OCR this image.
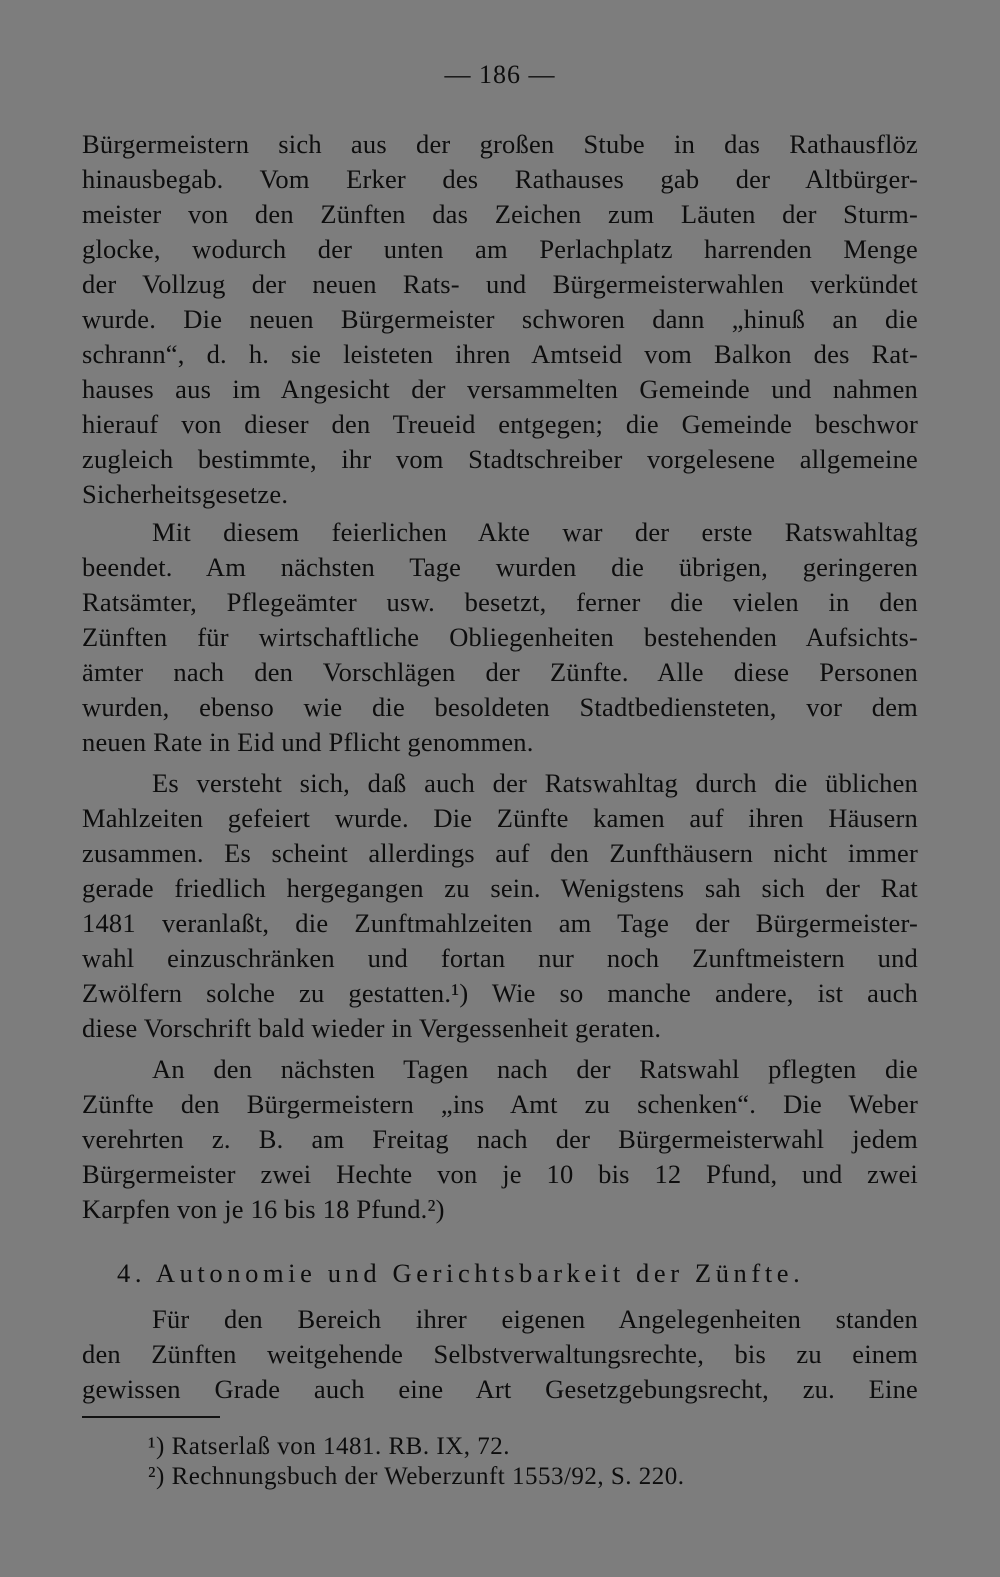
— 186 —

Bürgermeistern sich aus der großen Stube in das Rathausflöz

hinausbegab. Vom Erker des Rathauses gab der Altbürger-

meister von den Zünften das Zeichen zum Läuten der Sturm-

glocke, wodurch der unten am Perlachplatz harrenden Menge

der Vollzug der neuen Rats- und Bürgermeisterwahlen verkündet

wurde. Die neuen Bürgermeister schworen dann „hinuß an die

schrann“, d. h. sie leisteten ihren Amtseid vom Balkon des Rat-

hauses aus im Angesicht der versammelten Gemeinde und nahmen

hierauf von dieser den Treueid entgegen; die Gemeinde beschwor

zugleich bestimmte, ihr vom Stadtschreiber vorgelesene allgemeine

Sicherheitsgesetze.

Mit diesem feierlichen Akte war der erste Ratswahltag

beendet. Am nächsten Tage wurden die übrigen, geringeren

Ratsämter, Pflegeämter usw. besetzt, ferner die vielen in den

Zünften für wirtschaftliche Obliegenheiten bestehenden Aufsichts-

ämter nach den Vorschlägen der Zünfte. Alle diese Personen

wurden, ebenso wie die besoldeten Stadtbediensteten, vor dem

neuen Rate in Eid und Pflicht genommen.

Es versteht sich, daß auch der Ratswahltag durch die üblichen

Mahlzeiten gefeiert wurde. Die Zünfte kamen auf ihren Häusern

zusammen. Es scheint allerdings auf den Zunfthäusern nicht immer

gerade friedlich hergegangen zu sein. Wenigstens sah sich der Rat

1481 veranlaßt, die Zunftmahlzeiten am Tage der Bürgermeister-

wahl einzuschränken und fortan nur noch Zunftmeistern und

Zwölfern solche zu gestatten.¹) Wie so manche andere, ist auch

diese Vorschrift bald wieder in Vergessenheit geraten.

An den nächsten Tagen nach der Ratswahl pflegten die

Zünfte den Bürgermeistern „ins Amt zu schenken“. Die Weber

verehrten z. B. am Freitag nach der Bürgermeisterwahl jedem

Bürgermeister zwei Hechte von je 10 bis 12 Pfund, und zwei

Karpfen von je 16 bis 18 Pfund.²)

4. Autonomie und Gerichtsbarkeit der Zünfte.

Für den Bereich ihrer eigenen Angelegenheiten standen

den Zünften weitgehende Selbstverwaltungsrechte, bis zu einem

gewissen Grade auch eine Art Gesetzgebungsrecht, zu. Eine

¹) Ratserlaß von 1481. RB. IX, 72.

²) Rechnungsbuch der Weberzunft 1553/92, S. 220.
